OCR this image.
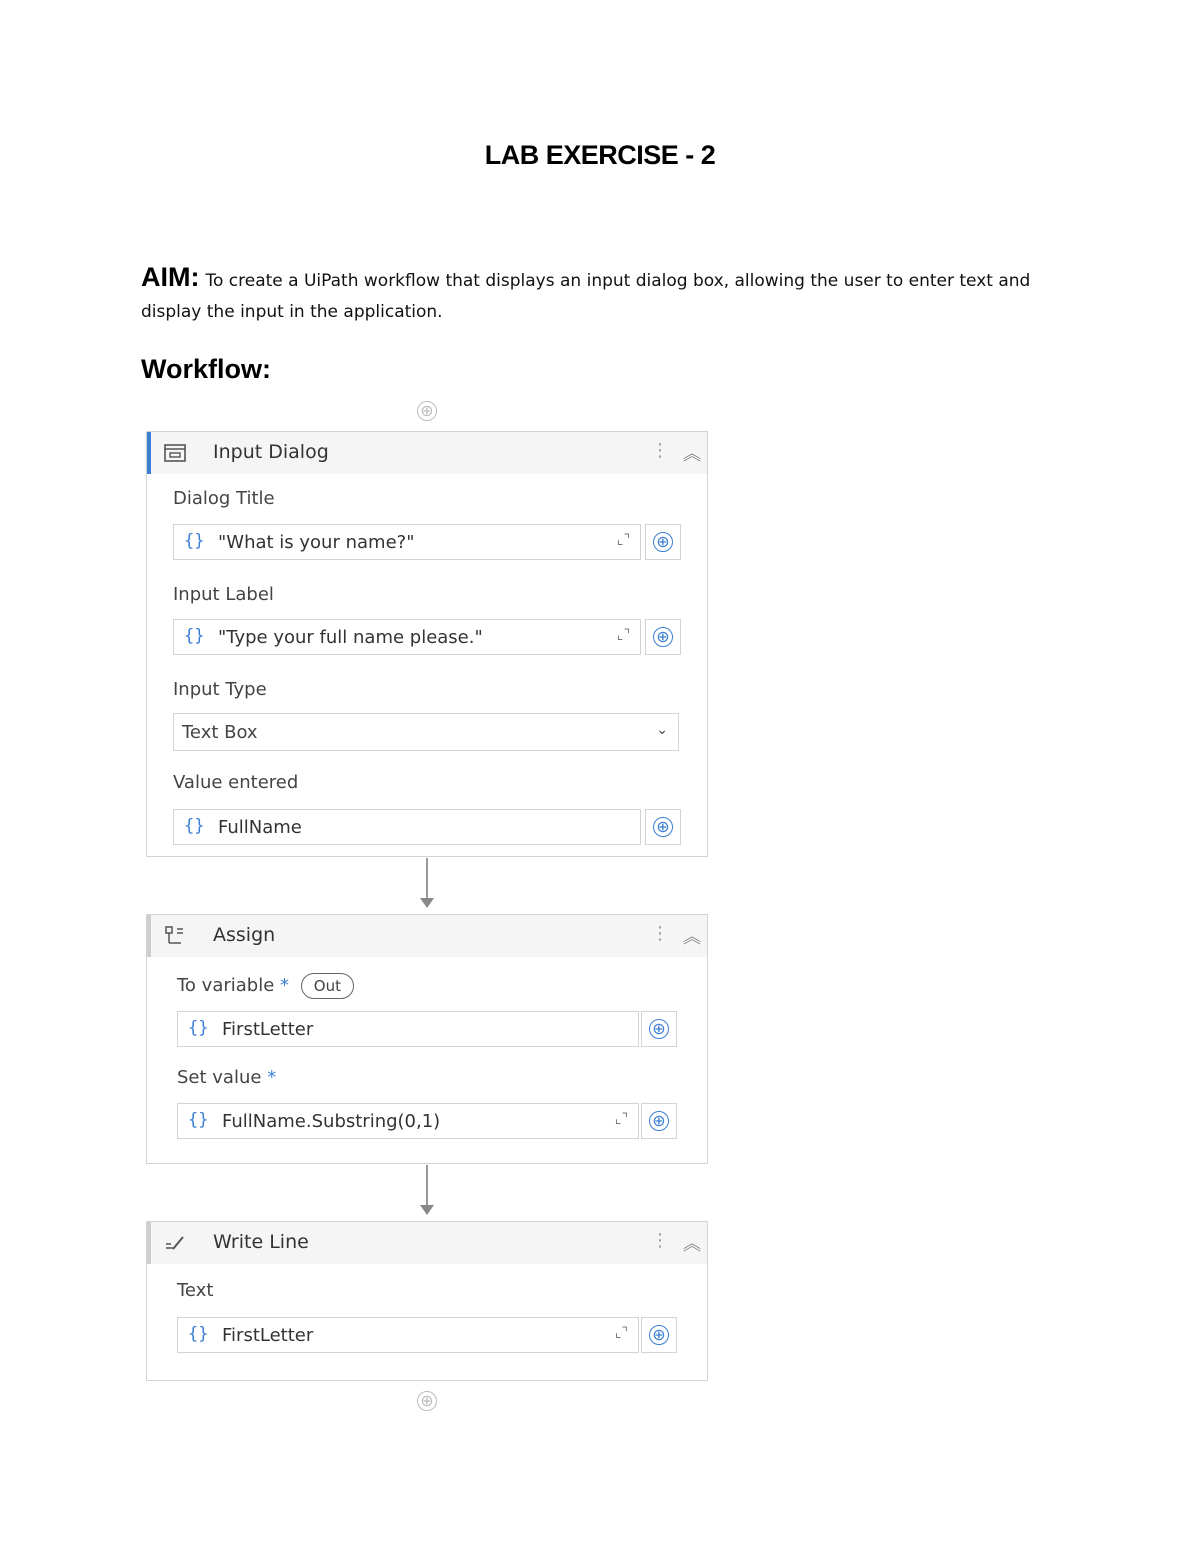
LAB EXERCISE - 2
AIM: To create a UiPath workflow that displays an input dialog box, allowing the user to enter text and display the input in the application.
Workflow:
⊕
Input Dialog	⋮ ︽
Dialog Title
{} "What is your name?"	⌞⌝ ⊕
Input Label
{} "Type your full name please."	⌞⌝ ⊕
Input Type
Text Box	⌄
Value entered
{} FullName	⊕
Assign	⋮ ︽
To variable * Out
{} FirstLetter	⊕
Set value *
{} FullName.Substring(0,1)	⌞⌝ ⊕
Write Line	⋮ ︽
Text
{} FirstLetter	⌞⌝ ⊕
⊕
